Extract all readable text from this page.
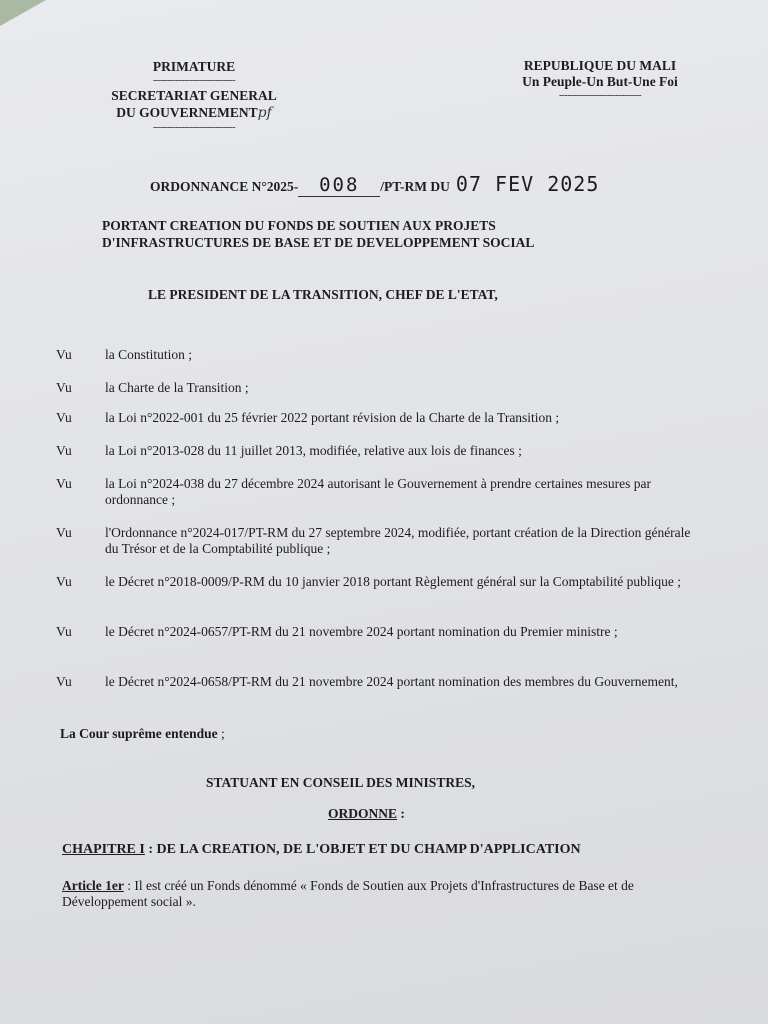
PRIMATURE
-----------------------------
SECRETARIAT GENERAL
DU GOUVERNEMENTpf
-----------------------------
REPUBLIQUE DU MALI
Un Peuple-Un But-Une Foi
-----------------------------
ORDONNANCE N°2025- 008 /PT-RM DU 07 FEV 2025
PORTANT CREATION DU FONDS DE SOUTIEN AUX PROJETS
D'INFRASTRUCTURES DE BASE ET DE DEVELOPPEMENT SOCIAL
LE PRESIDENT DE LA TRANSITION, CHEF DE L'ETAT,
Vu	la Constitution ;
Vu	la Charte de la Transition ;
Vu	la Loi n°2022-001 du 25 février 2022 portant révision de la Charte de la Transition ;
Vu	la Loi n°2013-028 du 11 juillet 2013, modifiée, relative aux lois de finances ;
Vu	la Loi n°2024-038 du 27 décembre 2024 autorisant le Gouvernement à prendre certaines mesures par ordonnance ;
Vu	l'Ordonnance n°2024-017/PT-RM du 27 septembre 2024, modifiée, portant création de la Direction générale du Trésor et de la Comptabilité publique ;
Vu	le Décret n°2018-0009/P-RM du 10 janvier 2018 portant Règlement général sur la Comptabilité publique ;
Vu	le Décret n°2024-0657/PT-RM du 21 novembre 2024 portant nomination du Premier ministre ;
Vu	le Décret n°2024-0658/PT-RM du 21 novembre 2024 portant nomination des membres du Gouvernement,
La Cour suprême entendue ;
STATUANT EN CONSEIL DES MINISTRES,
ORDONNE :
CHAPITRE I : DE LA CREATION, DE L'OBJET ET DU CHAMP D'APPLICATION
Article 1er : Il est créé un Fonds dénommé « Fonds de Soutien aux Projets d'Infrastructures de Base et de Développement social ».
